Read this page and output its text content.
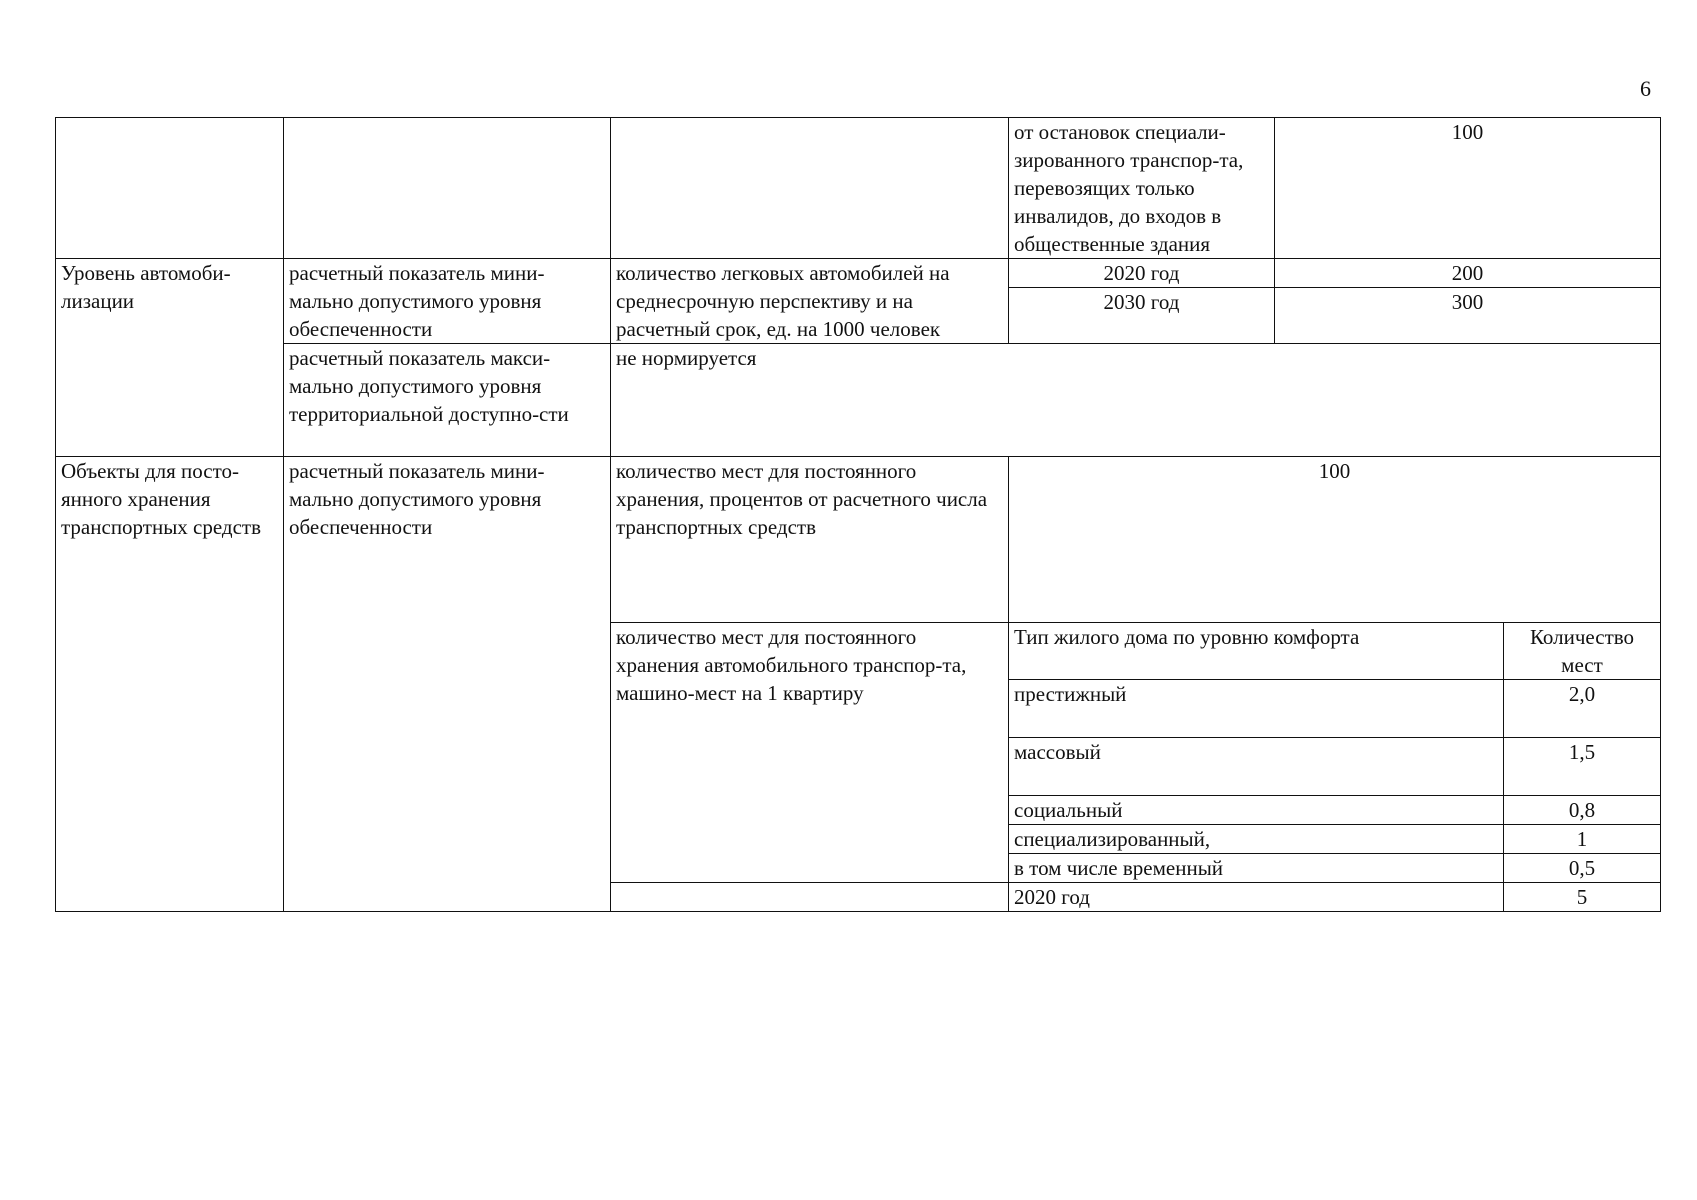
6
			от остановок специали-зированного транспор-та, перевозящих только инвалидов, до входов в общественные здания	100	
Уровень автомоби-лизации	расчетный показатель мини-мально допустимого уровня обеспеченности	количество легковых автомобилей на среднесрочную перспективу и на расчетный срок, ед. на 1000 человек	2020 год	200	
			2030 год	300	
	расчетный показатель макси-мально допустимого уровня территориальной доступно-сти	не нормируется			
Объекты для посто-янного хранения транспортных средств	расчетный показатель мини-мально допустимого уровня обеспеченности	количество мест для постоянного хранения, процентов от расчетного числа транспортных средств	100		
		количество мест для постоянного хранения автомобильного транспор-та, машино-мест на 1 квартиру	Тип жилого дома по уровню комфорта		Количество мест
			престижный		2,0
			массовый		1,5
			социальный		0,8
			специализированный,		1
			в том числе временный		0,5
			2020 год		5
